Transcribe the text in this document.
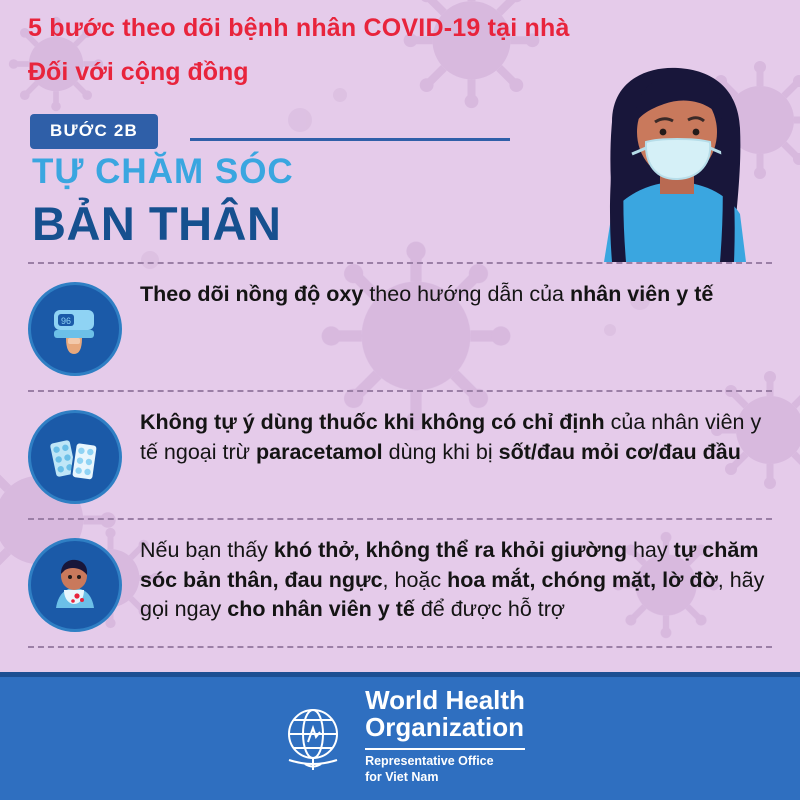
5 bước theo dõi bệnh nhân COVID-19 tại nhà
Đối với cộng đồng
BƯỚC 2B
TỰ CHĂM SÓC
BẢN THÂN
96
Theo dõi nồng độ oxy theo hướng dẫn của nhân viên y tế
Không tự ý dùng thuốc khi không có chỉ định của nhân viên y tế ngoại trừ paracetamol dùng khi bị sốt/đau mỏi cơ/đau đầu
Nếu bạn thấy khó thở, không thể ra khỏi giường hay tự chăm sóc bản thân, đau ngực, hoặc hoa mắt, chóng mặt, lờ đờ, hãy gọi ngay cho nhân viên y tế để được hỗ trợ
World Health
Organization
Representative Office
for Viet Nam
